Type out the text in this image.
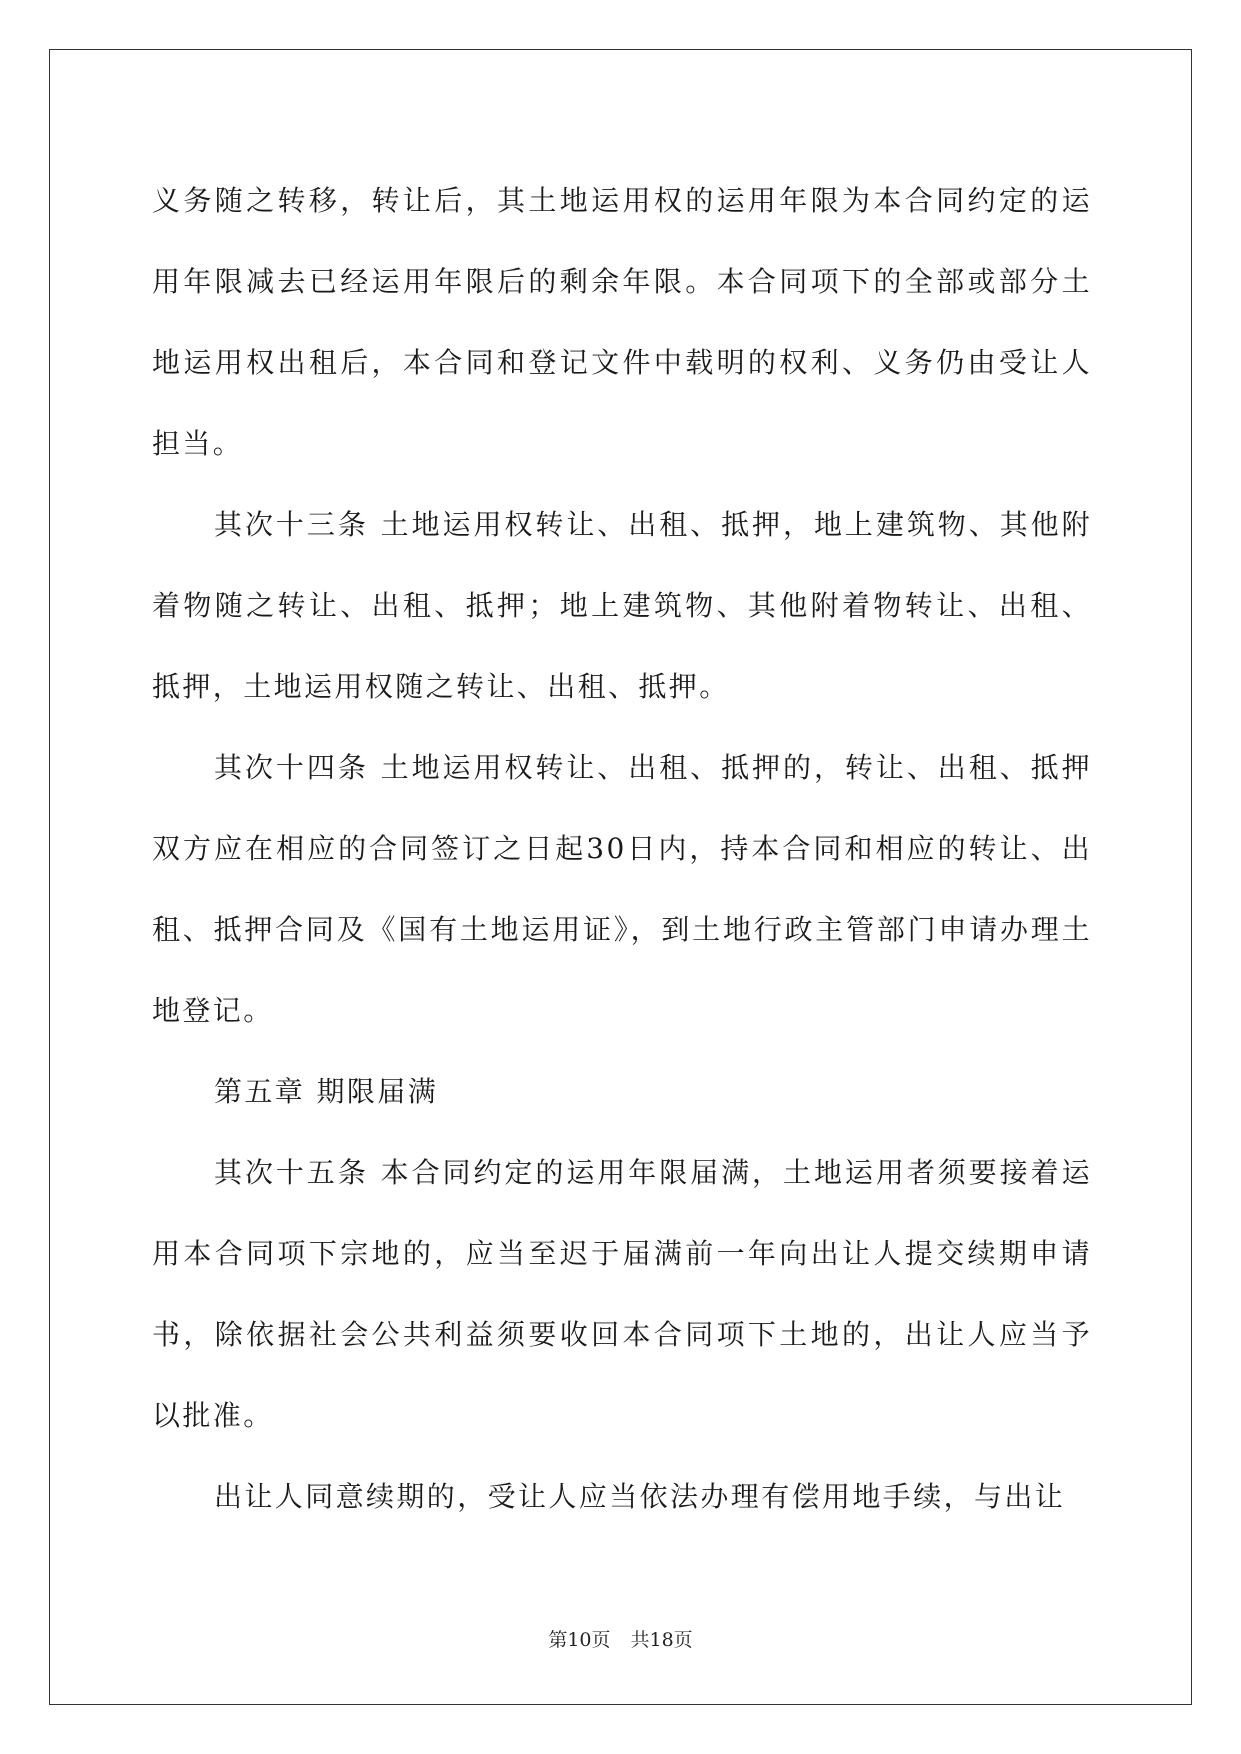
义务随之转移，转让后，其土地运用权的运用年限为本合同约定的运用年限减去已经运用年限后的剩余年限。本合同项下的全部或部分土地运用权出租后，本合同和登记文件中载明的权利、义务仍由受让人担当。

其次十三条 土地运用权转让、出租、抵押，地上建筑物、其他附着物随之转让、出租、抵押；地上建筑物、其他附着物转让、出租、抵押，土地运用权随之转让、出租、抵押。

其次十四条 土地运用权转让、出租、抵押的，转让、出租、抵押双方应在相应的合同签订之日起30日内，持本合同和相应的转让、出租、抵押合同及《国有土地运用证》，到土地行政主管部门申请办理土地登记。

第五章 期限届满

其次十五条 本合同约定的运用年限届满，土地运用者须要接着运用本合同项下宗地的，应当至迟于届满前一年向出让人提交续期申请书，除依据社会公共利益须要收回本合同项下土地的，出让人应当予以批准。

出让人同意续期的，受让人应当依法办理有偿用地手续，与出让

第10页 共18页
